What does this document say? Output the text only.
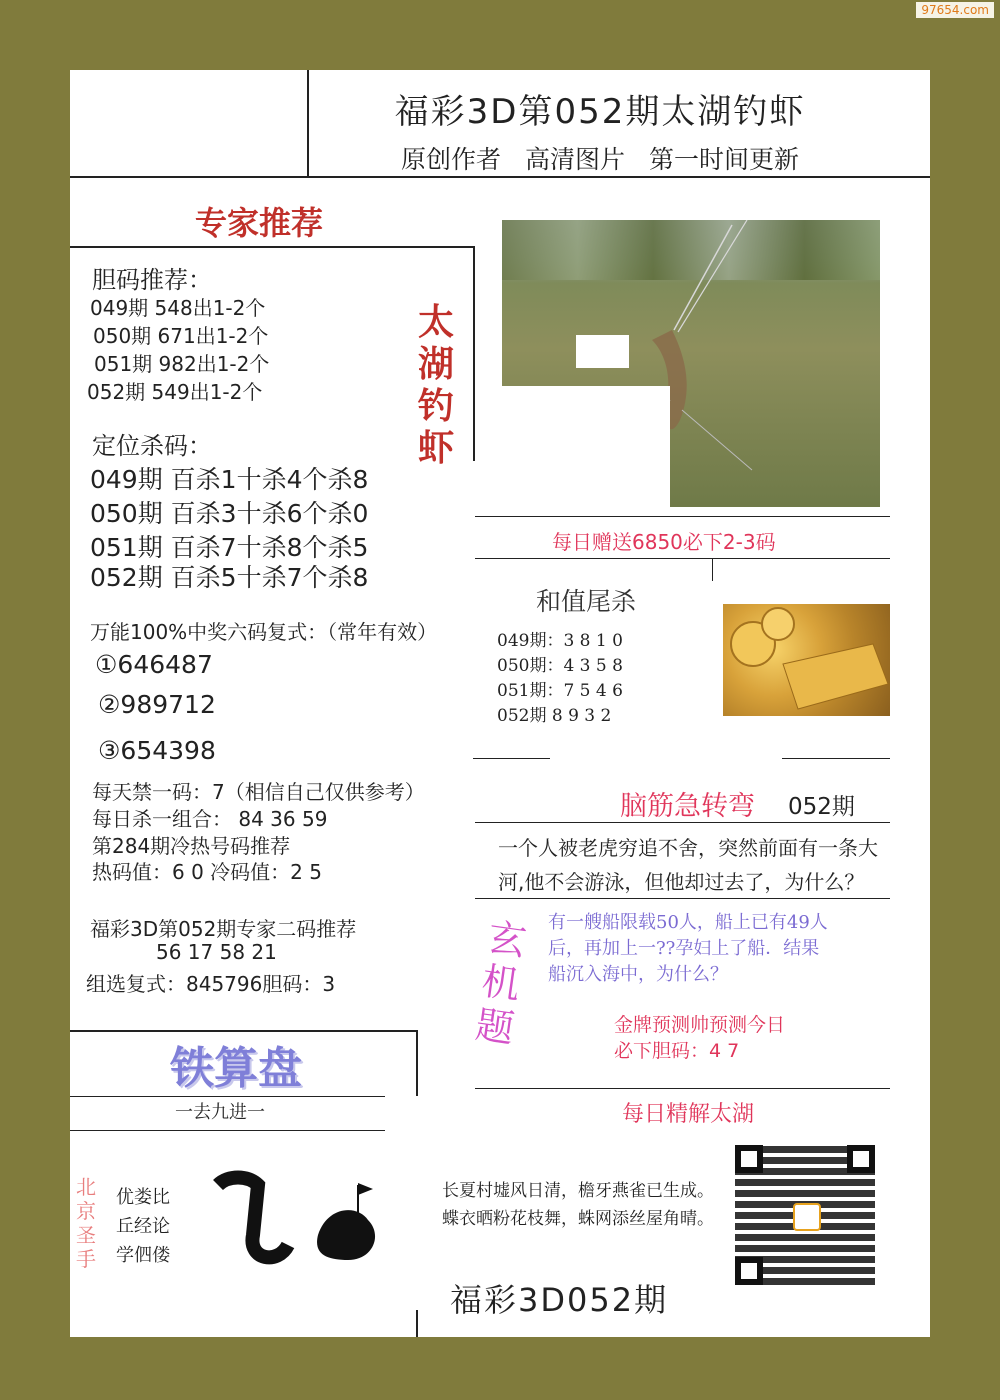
97654.com
福彩3D第052期太湖钓虾
原创作者 高清图片 第一时间更新
专家推荐
太湖钓虾
胆码推荐：
049期 548出1-2个
050期 671出1-2个
051期 982出1-2个
052期 549出1-2个
定位杀码：
049期 百杀1十杀4个杀8
050期 百杀3十杀6个杀0
051期 百杀7十杀8个杀5
052期 百杀5十杀7个杀8
万能100%中奖六码复式：（常年有效）
①646487
②989712
③654398
每天禁一码：7（相信自己仅供参考）
每日杀一组合： 84 36 59
第284期冷热号码推荐
热码值：6 0 冷码值：2 5
福彩3D第052期专家二码推荐
56 17 58 21
组选复式：845796胆码：3
每日赠送6850必下2-3码
和值尾杀
049期：3 8 1 0
050期：4 3 5 8
051期：7 5 4 6
052期 8 9 3 2
脑筋急转弯 052期
一个人被老虎穷追不舍，突然前面有一条大
河,他不会游泳，但他却过去了，为什么？
玄机题
有一艘船限载50人，船上已有49人
后，再加上一??孕妇上了船．结果
船沉入海中，为什么？
金牌预测帅预测今日
必下胆码：4 7
每日精解太湖
铁算盘
一去九进一
北京圣手
优娄比
丘经论
学伵偻
长夏村墟风日清，檐牙燕雀已生成。
蝶衣晒粉花枝舞，蛛网添丝屋角晴。
福彩3D052期
